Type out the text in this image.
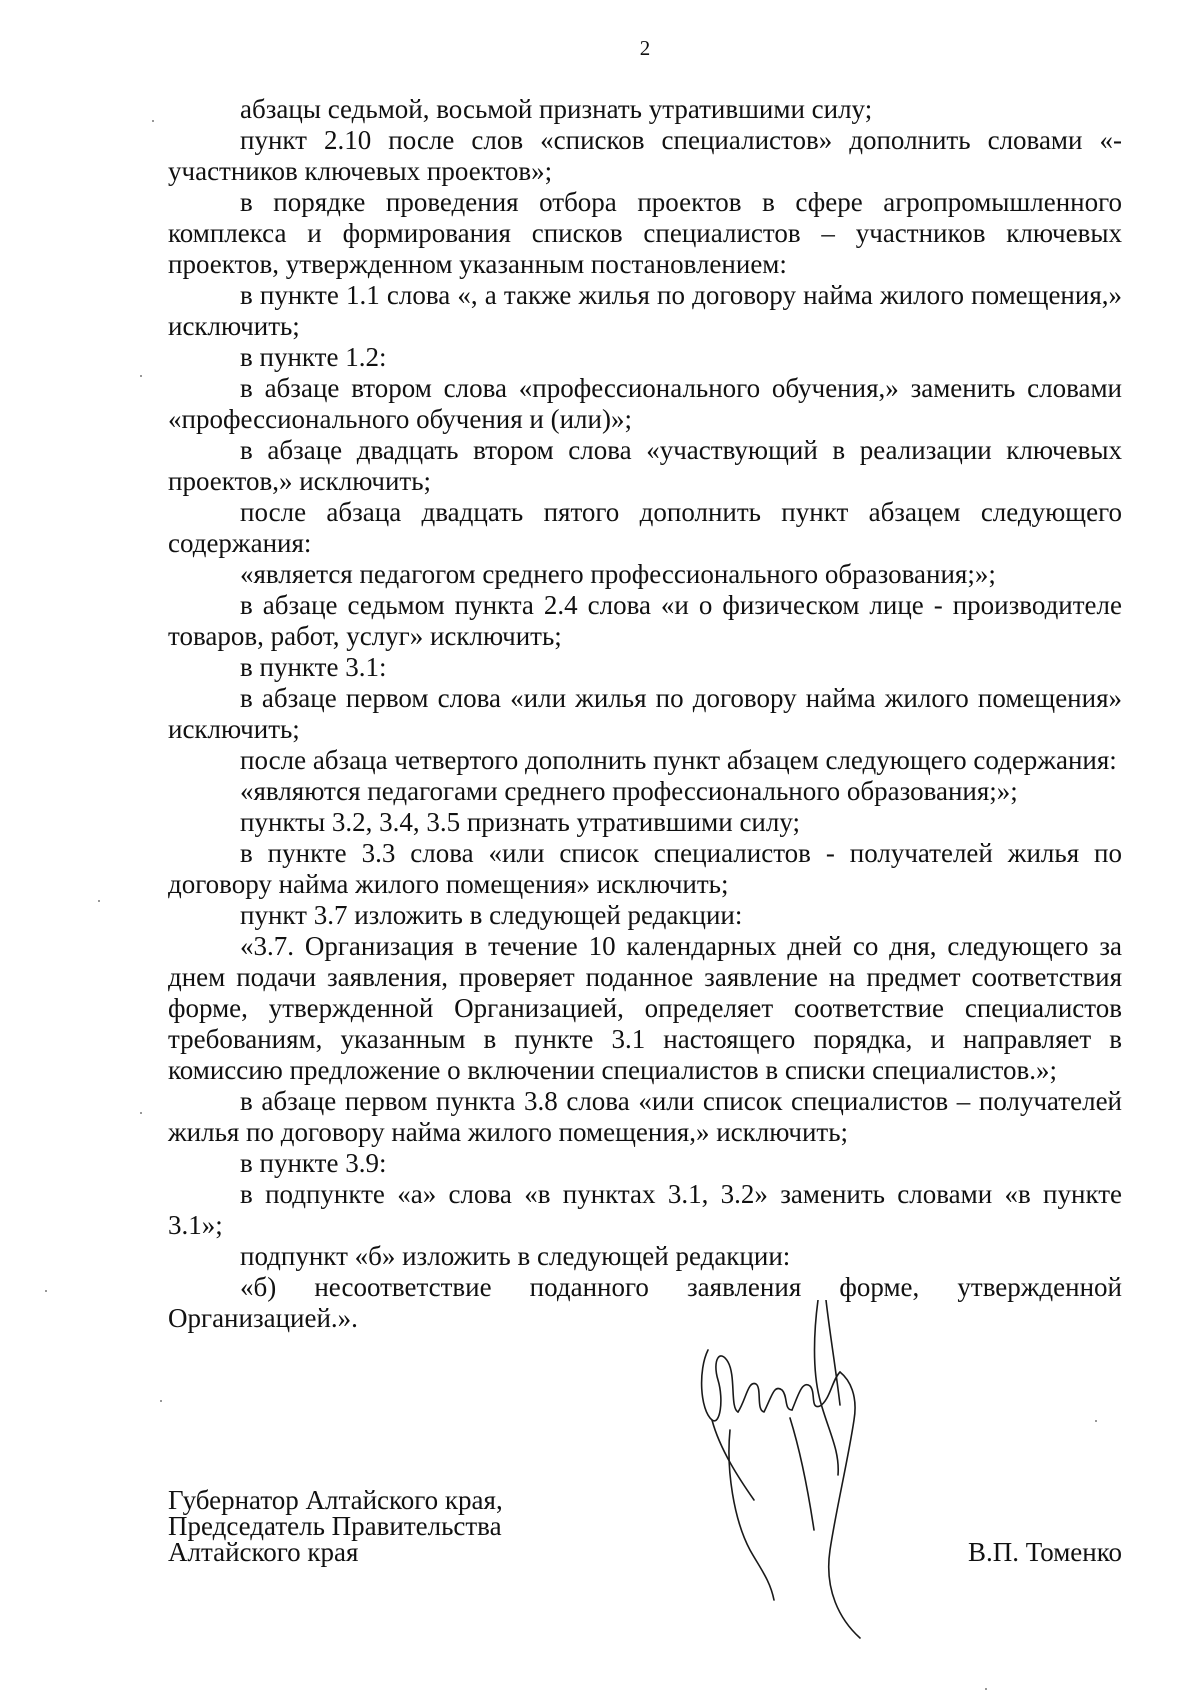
2

абзацы седьмой, восьмой признать утратившими силу;

пункт 2.10 после слов «списков специалистов» дополнить словами «- участников ключевых проектов»;

в порядке проведения отбора проектов в сфере агропромышленного комплекса и формирования списков специалистов – участников ключевых проектов, утвержденном указанным постановлением:

в пункте 1.1 слова «, а также жилья по договору найма жилого помещения,» исключить;

в пункте 1.2:

в абзаце втором слова «профессионального обучения,» заменить словами «профессионального обучения и (или)»;

в абзаце двадцать втором слова «участвующий в реализации ключевых проектов,» исключить;

после абзаца двадцать пятого дополнить пункт абзацем следующего содержания:

«является педагогом среднего профессионального образования;»;

в абзаце седьмом пункта 2.4 слова «и о физическом лице - производителе товаров, работ, услуг» исключить;

в пункте 3.1:

в абзаце первом слова «или жилья по договору найма жилого помещения» исключить;

после абзаца четвертого дополнить пункт абзацем следующего содержания:

«являются педагогами среднего профессионального образования;»;

пункты 3.2, 3.4, 3.5 признать утратившими силу;

в пункте 3.3 слова «или список специалистов - получателей жилья по договору найма жилого помещения» исключить;

пункт 3.7 изложить в следующей редакции:

«3.7. Организация в течение 10 календарных дней со дня, следующего за днем подачи заявления, проверяет поданное заявление на предмет соответствия форме, утвержденной Организацией, определяет соответствие специалистов требованиям, указанным в пункте 3.1 настоящего порядка, и направляет в комиссию предложение о включении специалистов в списки специалистов.»;

в абзаце первом пункта 3.8 слова «или список специалистов – получателей жилья по договору найма жилого помещения,» исключить;

в пункте 3.9:

в подпункте «а» слова «в пунктах 3.1, 3.2» заменить словами «в пункте 3.1»;

подпункт «б» изложить в следующей редакции:

«б) несоответствие поданного заявления форме, утвержденной Организацией.».

Губернатор Алтайского края,
Председатель Правительства
Алтайского края	В.П. Томенко
